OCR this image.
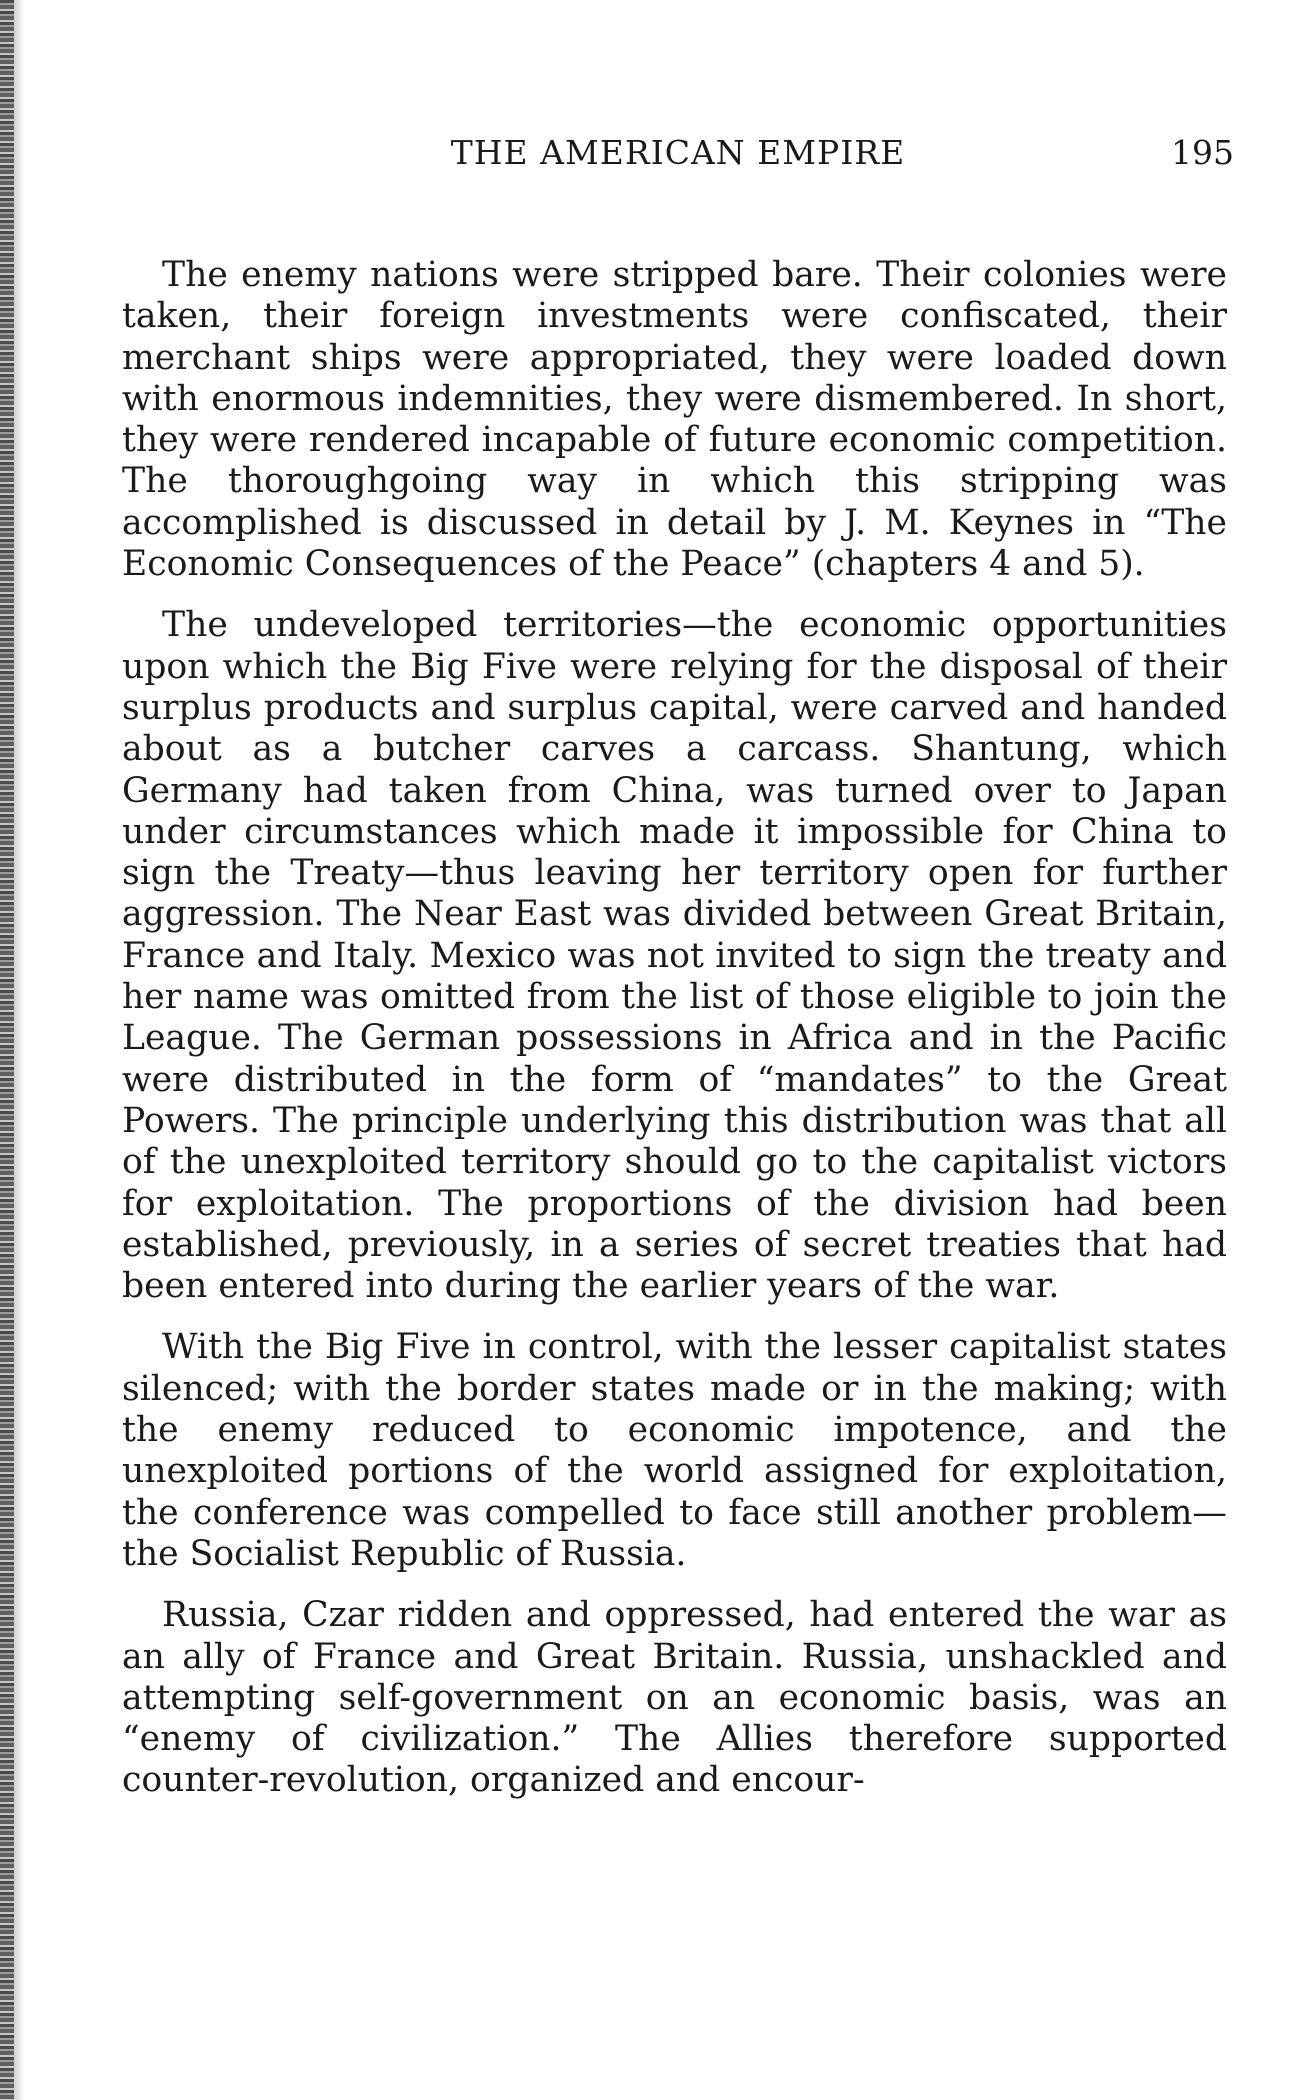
THE AMERICAN EMPIRE	195

The enemy nations were stripped bare. Their colonies were taken, their foreign investments were confiscated, their merchant ships were appropriated, they were loaded down with enormous indemnities, they were dismembered. In short, they were rendered incapable of future economic competition. The thoroughgoing way in which this stripping was accomplished is discussed in detail by J. M. Keynes in “The Economic Consequences of the Peace” (chapters 4 and 5).

The undeveloped territories—the economic opportunities upon which the Big Five were relying for the disposal of their surplus products and surplus capital, were carved and handed about as a butcher carves a carcass. Shantung, which Germany had taken from China, was turned over to Japan under circumstances which made it impossible for China to sign the Treaty—thus leaving her territory open for further aggression. The Near East was divided between Great Britain, France and Italy. Mexico was not invited to sign the treaty and her name was omitted from the list of those eligible to join the League. The German possessions in Africa and in the Pacific were distributed in the form of “mandates” to the Great Powers. The principle underlying this distribution was that all of the unexploited territory should go to the capitalist victors for exploitation. The proportions of the division had been established, previously, in a series of secret treaties that had been entered into during the earlier years of the war.

With the Big Five in control, with the lesser capitalist states silenced; with the border states made or in the making; with the enemy reduced to economic impotence, and the unexploited portions of the world assigned for exploitation, the conference was compelled to face still another problem—the Socialist Republic of Russia.

Russia, Czar ridden and oppressed, had entered the war as an ally of France and Great Britain. Russia, unshackled and attempting self-government on an economic basis, was an “enemy of civilization.” The Allies therefore supported counter-revolution, organized and encour-
